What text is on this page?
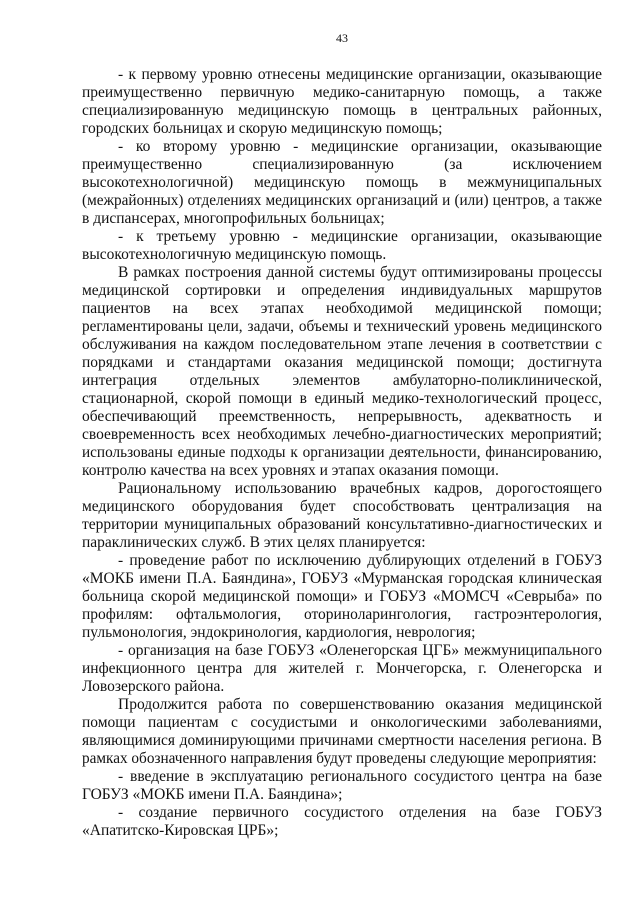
43
- к первому уровню отнесены медицинские организации, оказывающие
преимущественно первичную медико-санитарную помощь, а также
специализированную медицинскую помощь в центральных районных,
городских больницах и скорую медицинскую помощь;
- ко второму уровню - медицинские организации, оказывающие
преимущественно специализированную (за исключением
высокотехнологичной) медицинскую помощь в межмуниципальных
(межрайонных) отделениях медицинских организаций и (или) центров, а также
в диспансерах, многопрофильных больницах;
- к третьему уровню - медицинские организации, оказывающие
высокотехнологичную медицинскую помощь.
В рамках построения данной системы будут оптимизированы процессы
медицинской сортировки и определения индивидуальных маршрутов
пациентов на всех этапах необходимой медицинской помощи;
регламентированы цели, задачи, объемы и технический уровень медицинского
обслуживания на каждом последовательном этапе лечения в соответствии с
порядками и стандартами оказания медицинской помощи; достигнута
интеграция отдельных элементов амбулаторно-поликлинической,
стационарной, скорой помощи в единый медико-технологический процесс,
обеспечивающий преемственность, непрерывность, адекватность и
своевременность всех необходимых лечебно-диагностических мероприятий;
использованы единые подходы к организации деятельности, финансированию,
контролю качества на всех уровнях и этапах оказания помощи.
Рациональному использованию врачебных кадров, дорогостоящего
медицинского оборудования будет способствовать централизация на
территории муниципальных образований консультативно-диагностических и
параклинических служб. В этих целях планируется:
- проведение работ по исключению дублирующих отделений в ГОБУЗ
«МОКБ имени П.А. Баяндина», ГОБУЗ «Мурманская городская клиническая
больница скорой медицинской помощи» и ГОБУЗ «МОМСЧ «Севрыба» по
профилям: офтальмология, оториноларингология, гастроэнтерология,
пульмонология, эндокринология, кардиология, неврология;
- организация на базе ГОБУЗ «Оленегорская ЦГБ» межмуниципального
инфекционного центра для жителей г. Мончегорска, г. Оленегорска и
Ловозерского района.
Продолжится работа по совершенствованию оказания медицинской
помощи пациентам с сосудистыми и онкологическими заболеваниями,
являющимися доминирующими причинами смертности населения региона. В
рамках обозначенного направления будут проведены следующие мероприятия:
- введение в эксплуатацию регионального сосудистого центра на базе
ГОБУЗ «МОКБ имени П.А. Баяндина»;
- создание первичного сосудистого отделения на базе ГОБУЗ
«Апатитско-Кировская ЦРБ»;
